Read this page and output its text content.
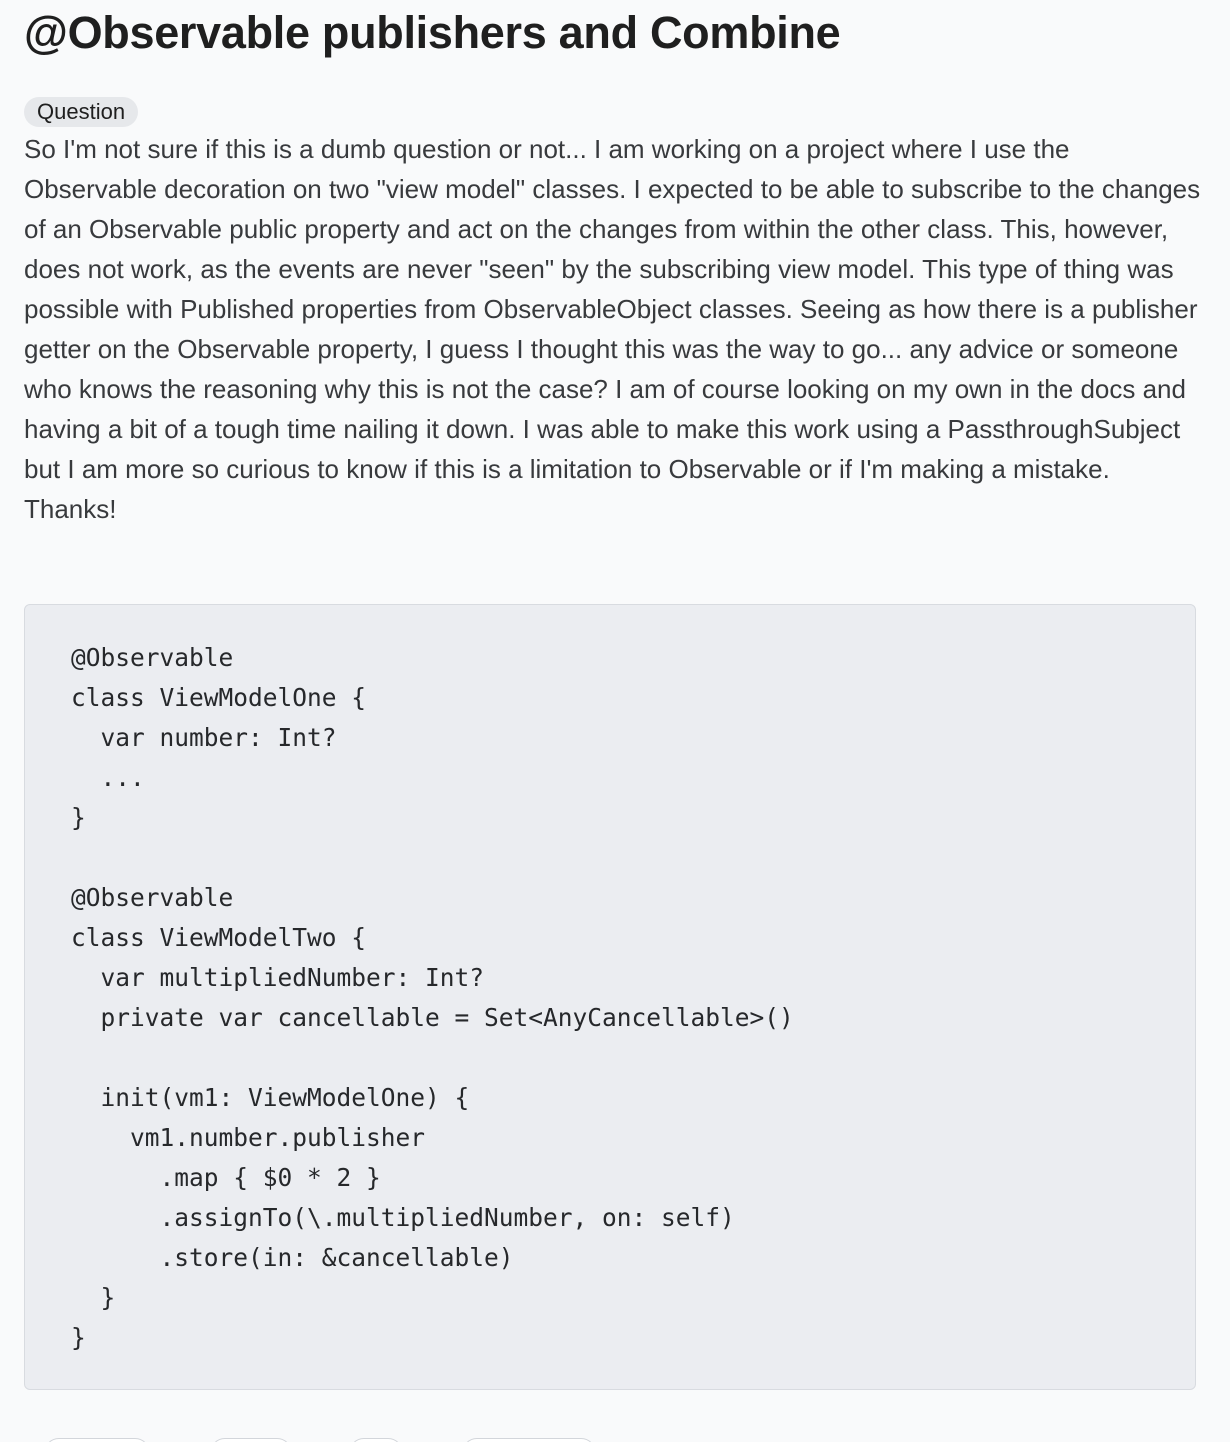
@Observable publishers and Combine
Question
So I'm not sure if this is a dumb question or not... I am working on a project where I use the Observable decoration on two "view model" classes. I expected to be able to subscribe to the changes of an Observable public property and act on the changes from within the other class. This, however, does not work, as the events are never "seen" by the subscribing view model. This type of thing was possible with Published properties from ObservableObject classes. Seeing as how there is a publisher getter on the Observable property, I guess I thought this was the way to go... any advice or someone who knows the reasoning why this is not the case? I am of course looking on my own in the docs and having a bit of a tough time nailing it down. I was able to make this work using a PassthroughSubject but I am more so curious to know if this is a limitation to Observable or if I'm making a mistake. Thanks!
@Observable
class ViewModelOne {
var number: Int?
...
}

@Observable
class ViewModelTwo {
var multipliedNumber: Int?
private var cancellable = Set<AnyCancellable>()

init(vm1: ViewModelOne) {
vm1.number.publisher
.map { $0 * 2 }
.assignTo(\.multipliedNumber, on: self)
.store(in: &cancellable)
}
}
